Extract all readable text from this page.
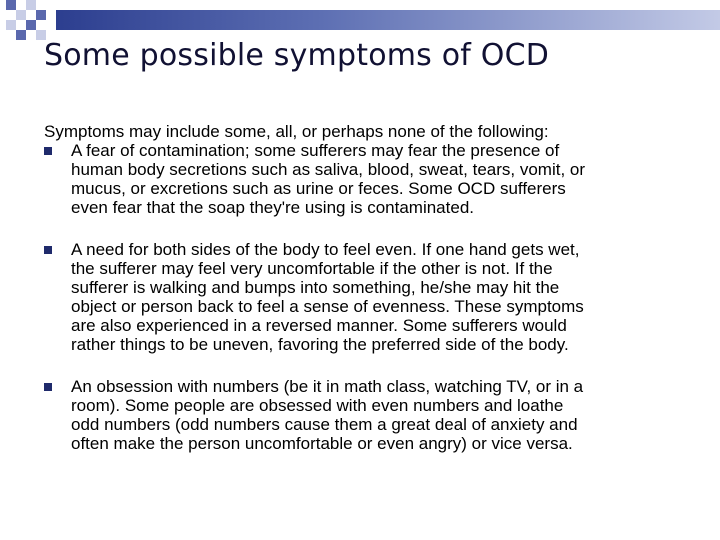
Some possible symptoms of OCD

Symptoms may include some, all, or perhaps none of the following:

A fear of contamination; some sufferers may fear the presence of
human body secretions such as saliva, blood, sweat, tears, vomit, or
mucus, or excretions such as urine or feces. Some OCD sufferers
even fear that the soap they're using is contaminated.
A need for both sides of the body to feel even. If one hand gets wet,
the sufferer may feel very uncomfortable if the other is not. If the
sufferer is walking and bumps into something, he/she may hit the
object or person back to feel a sense of evenness. These symptoms
are also experienced in a reversed manner. Some sufferers would
rather things to be uneven, favoring the preferred side of the body.
An obsession with numbers (be it in math class, watching TV, or in a
room). Some people are obsessed with even numbers and loathe
odd numbers (odd numbers cause them a great deal of anxiety and
often make the person uncomfortable or even angry) or vice versa.
